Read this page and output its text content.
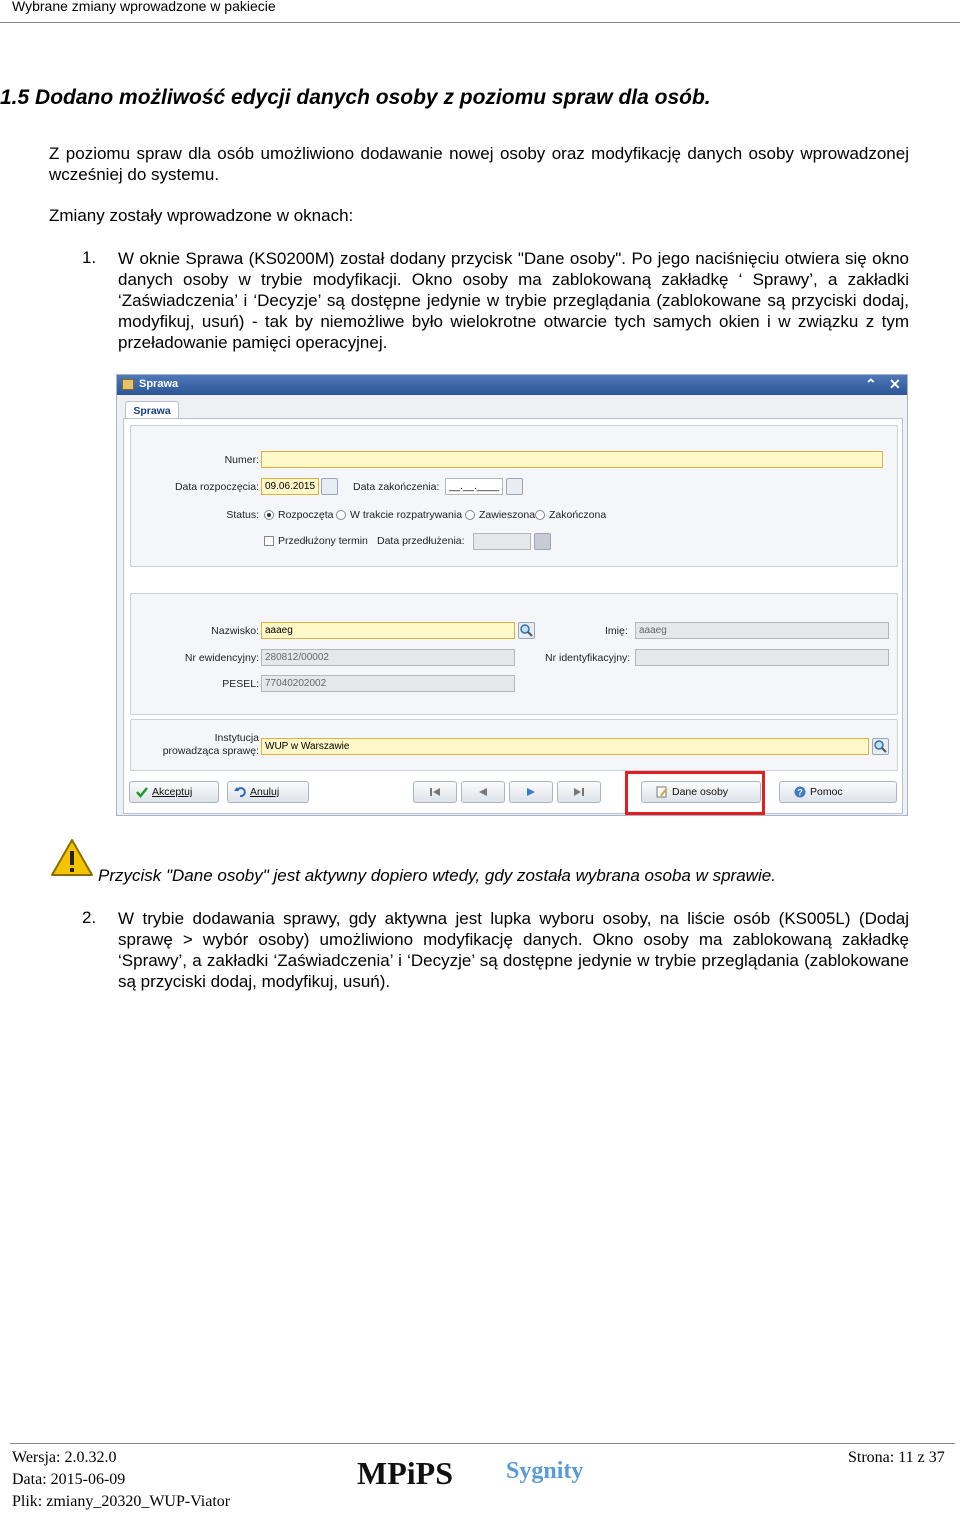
Wybrane zmiany wprowadzone w pakiecie
1.5 Dodano możliwość edycji danych osoby z poziomu spraw dla osób.
Z poziomu spraw dla osób umożliwiono dodawanie nowej osoby oraz modyfikację danych osoby wprowadzonej wcześniej do systemu.
Zmiany zostały wprowadzone w oknach:
1. W oknie Sprawa (KS0200M) został dodany przycisk "Dane osoby". Po jego naciśnięciu otwiera się okno danych osoby w trybie modyfikacji. Okno osoby ma zablokowaną zakładkę ‘ Sprawy’, a zakładki ‘Zaświadczenia’ i ‘Decyzje’ są dostępne jedynie w trybie przeglądania (zablokowane są przyciski dodaj, modyfikuj, usuń) - tak by niemożliwe było wielokrotne otwarcie tych samych okien i w związku z tym przeładowanie pamięci operacyjnej.
Sprawa	⌃ ✕
Sprawa
Numer:
Data rozpoczęcia: 09.06.2015	Data zakończenia: __.__.____
Status: Rozpoczęta W trakcie rozpatrywania Zawieszona Zakończona
Przedłużony termin Data przedłużenia:
Nazwisko: aaaeg	Imię:	aaaeg
Nr ewidencyjny: 280812/00002	Nr identyfikacyjny:
PESEL: 77040202002
Instytucja
prowadząca sprawę: WUP w Warszawie
Akceptuj	Anuluj	Dane osoby	? Pomoc
Przycisk "Dane osoby" jest aktywny dopiero wtedy, gdy została wybrana osoba w sprawie.
2. W trybie dodawania sprawy, gdy aktywna jest lupka wyboru osoby, na liście osób (KS005L) (Dodaj sprawę > wybór osoby) umożliwiono modyfikację danych. Okno osoby ma zablokowaną zakładkę ‘Sprawy’, a zakładki ‘Zaświadczenia’ i ‘Decyzje’ są dostępne jedynie w trybie przeglądania (zablokowane są przyciski dodaj, modyfikuj, usuń).
Wersja: 2.0.32.0
Data: 2015-06-09
Plik: zmiany_20320_WUP-Viator
MPiPS Sygnity
Strona: 11 z 37
